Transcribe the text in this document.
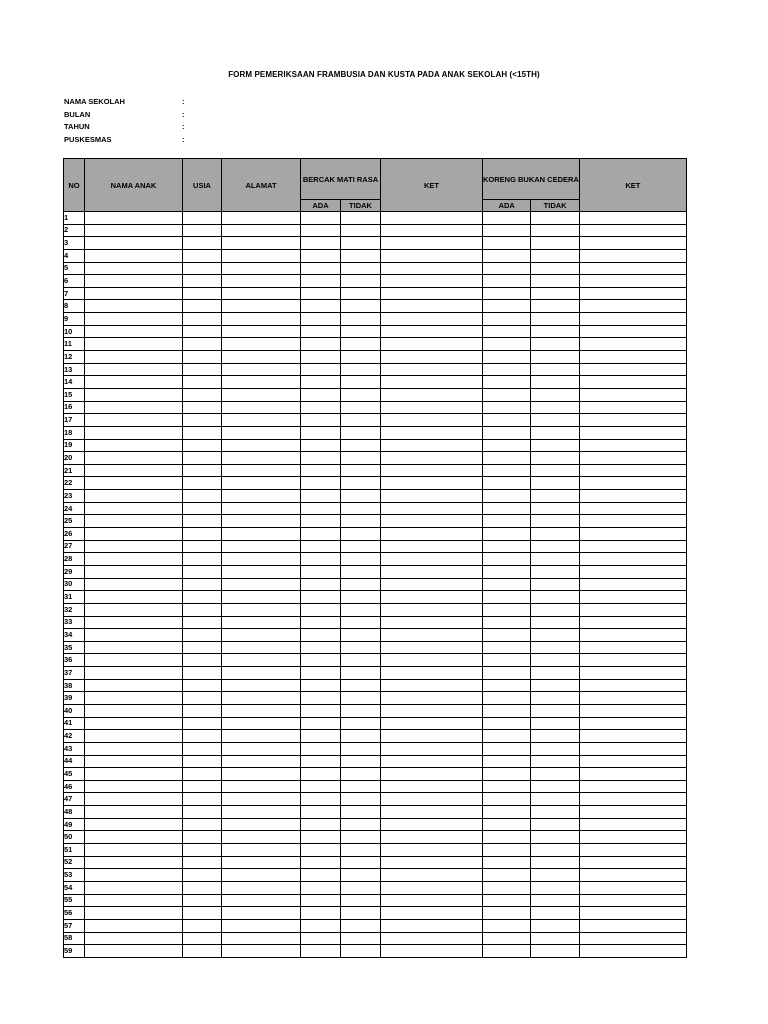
FORM PEMERIKSAAN FRAMBUSIA DAN KUSTA PADA ANAK SEKOLAH (<15TH)
NAMA SEKOLAH	:
BULAN	:
TAHUN	:
PUSKESMAS	:
NO	NAMA ANAK	USIA	ALAMAT	BERCAK MATI RASA		KET	KORENG BUKAN CEDERA		KET
				ADA	TIDAK		ADA	TIDAK	
1									
2									
3									
4									
5									
6									
7									
8									
9									
10									
11									
12									
13									
14									
15									
16									
17									
18									
19									
20									
21									
22									
23									
24									
25									
26									
27									
28									
29									
30									
31									
32									
33									
34									
35									
36									
37									
38									
39									
40									
41									
42									
43									
44									
45									
46									
47									
48									
49									
50									
51									
52									
53									
54									
55									
56									
57									
58									
59									
